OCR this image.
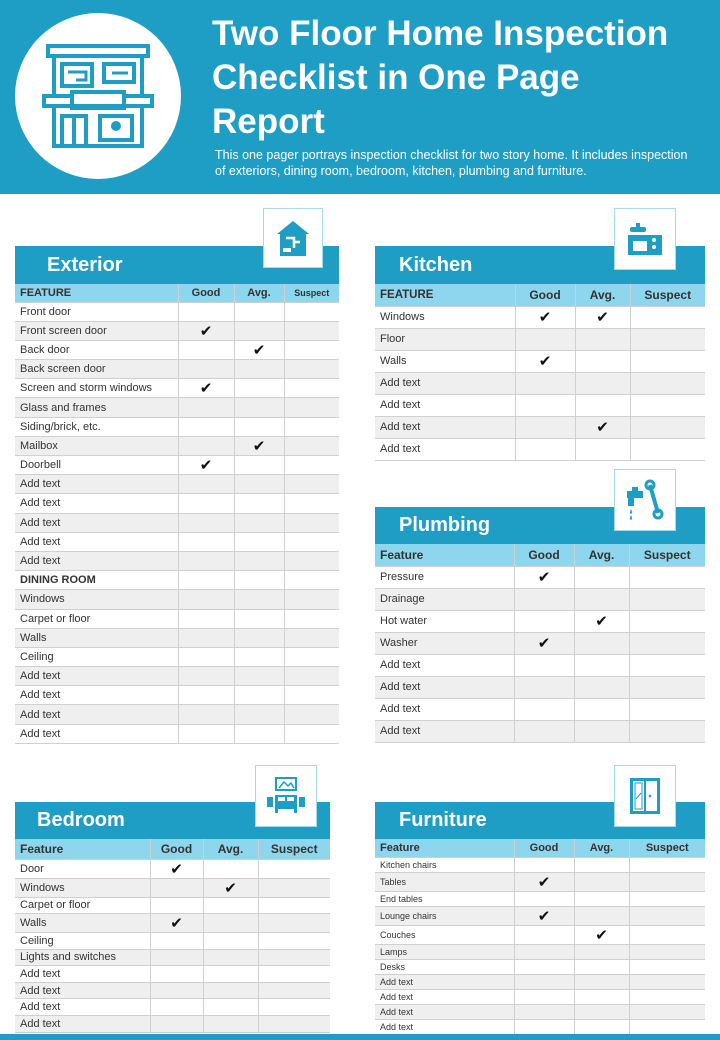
Two Floor Home Inspection Checklist in One Page Report
This one pager portrays inspection checklist for two story home. It includes inspection of exteriors, dining room, bedroom, kitchen, plumbing and furniture.
Exterior
FEATURE	Good	Avg.	Suspect
Front door			
Front screen door	✔		
Back door		✔	
Back screen door			
Screen and storm windows	✔		
Glass and frames			
Siding/brick, etc.			
Mailbox		✔	
Doorbell	✔		
Add text			
Add text			
Add text			
Add text			
Add text			
DINING ROOM			
Windows			
Carpet or floor			
Walls			
Ceiling			
Add text			
Add text			
Add text			
Add text			
Kitchen
FEATURE	Good	Avg.	Suspect
Windows	✔	✔	
Floor			
Walls	✔		
Add text			
Add text			
Add text		✔	
Add text			
Plumbing
Feature	Good	Avg.	Suspect
Pressure	✔		
Drainage			
Hot water		✔	
Washer	✔		
Add text			
Add text			
Add text			
Add text			
Bedroom
Feature	Good	Avg.	Suspect
Door	✔		
Windows		✔	
Carpet or floor			
Walls	✔		
Ceiling			
Lights and switches			
Add text			
Add text			
Add text			
Add text			
Furniture
Feature	Good	Avg.	Suspect
Kitchen chairs			
Tables	✔		
End tables			
Lounge chairs	✔		
Couches		✔	
Lamps			
Desks			
Add text			
Add text			
Add text			
Add text			
